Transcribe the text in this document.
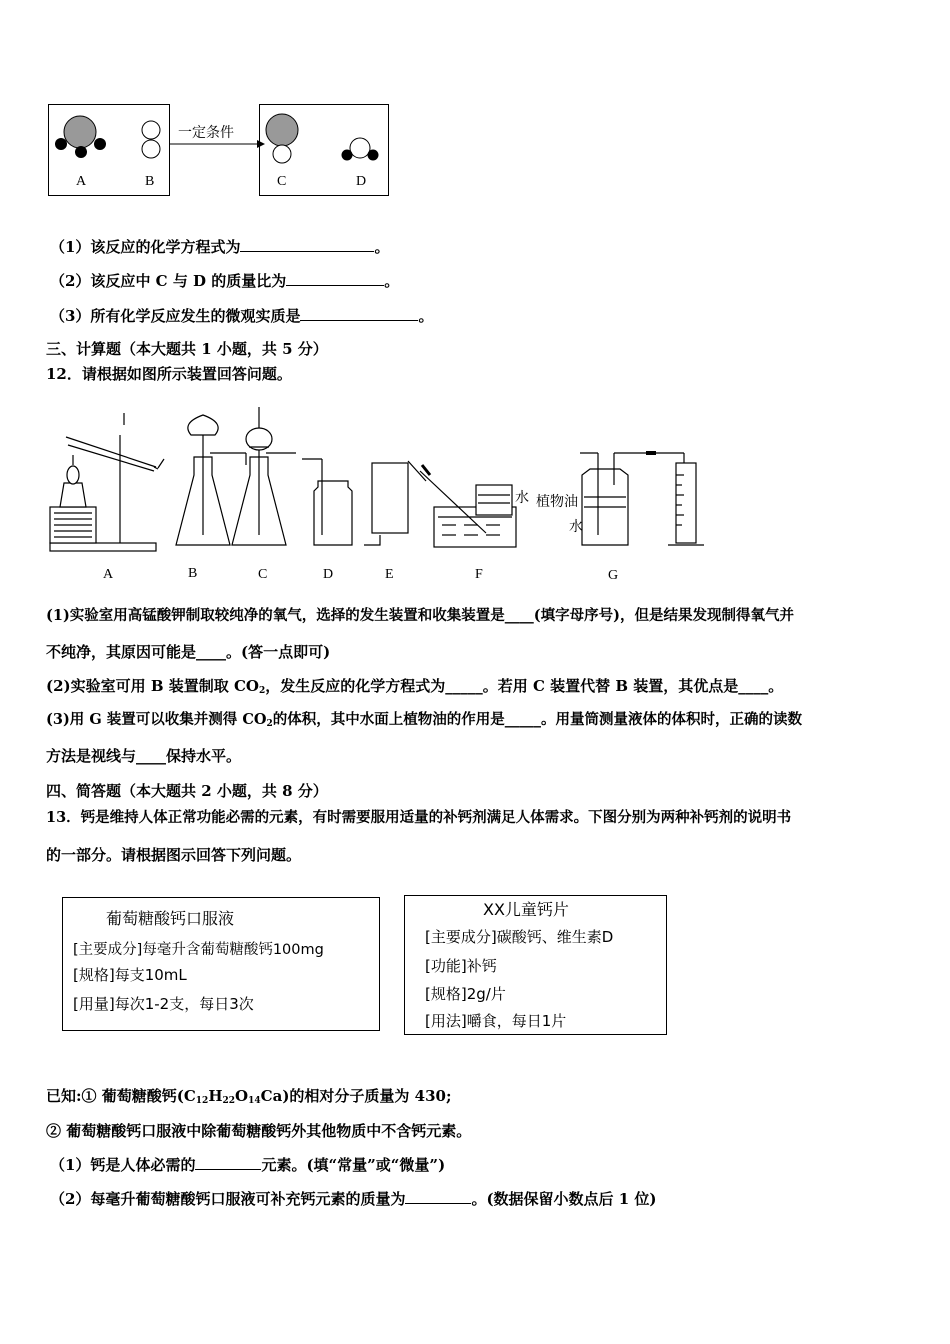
一定条件
A	B	C	D
（1）该反应的化学方程式为	。
（2）该反应中 C 与 D 的质量比为	。
（3）所有化学反应发生的微观实质是	。
三、计算题（本大题共 1 小题，共 5 分）
12．请根据如图所示装置回答问题。
A	B	C	D	E	F	G
水 植物油
水
(1)实验室用高锰酸钾制取较纯净的氧气，选择的发生装置和收集装置是____(填字母序号)，但是结果发现制得氧气并
不纯净，其原因可能是____。(答一点即可)
(2)实验室可用 B 装置制取 $CO_2$，发生反应的化学方程式为_____。若用 C 装置代替 B 装置，其优点是____。
(3)用 G 装置可以收集并测得 $CO_2$的体积，其中水面上植物油的作用是_____。用量筒测量液体的体积时，正确的读数
方法是视线与____保持水平。
四、简答题（本大题共 2 小题，共 8 分）
13．钙是维持人体正常功能必需的元素，有时需要服用适量的补钙剂满足人体需求。下图分别为两种补钙剂的说明书
的一部分。请根据图示回答下列问题。
葡萄糖酸钙口服液
[主要成分]每毫升含葡萄糖酸钙100mg
[规格]每支10mL
[用量]每次1-2支，每日3次
XX儿童钙片
[主要成分]碳酸钙、维生素D
[功能]补钙
[规格]2g/片
[用法]嚼食，每日1片
已知:① 葡萄糖酸钙$(C_{12}H_{22}O_{14}Ca)$的相对分子质量为 430;
② 葡萄糖酸钙口服液中除葡萄糖酸钙外其他物质中不含钙元素。
（1）钙是人体必需的	元素。(填“常量”或“微量”)
（2）每毫升葡萄糖酸钙口服液可补充钙元素的质量为	。(数据保留小数点后 1 位)
